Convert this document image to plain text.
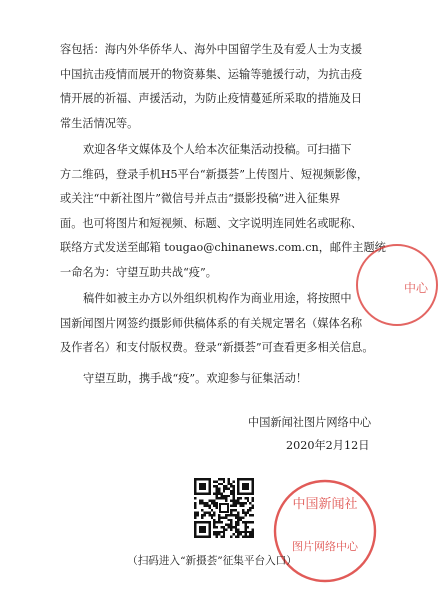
容包括：海内外华侨华人、海外中国留学生及有爱人士为支援
中国抗击疫情而展开的物资募集、运输等驰援行动，为抗击疫
情开展的祈福、声援活动，为防止疫情蔓延所采取的措施及日
常生活情况等。
欢迎各华文媒体及个人给本次征集活动投稿。可扫描下
方二维码，登录手机H5平台“新摄荟”上传图片、短视频影像，
或关注“中新社图片”微信号并点击“摄影投稿”进入征集界
面。也可将图片和短视频、标题、文字说明连同姓名或昵称、
联络方式发送至邮箱 tougao@chinanews.com.cn，邮件主题统
一命名为：守望互助共战“疫”。
稿件如被主办方以外组织机构作为商业用途，将按照中
国新闻图片网签约摄影师供稿体系的有关规定署名（媒体名称
及作者名）和支付版权费。登录“新摄荟”可查看更多相关信息。
守望互助，携手战“疫”。欢迎参与征集活动！
中心
中国新闻社图片网络中心
中国新闻社
图片网络中心
2020年2月12日
（扫码进入“新摄荟”征集平台入口）
